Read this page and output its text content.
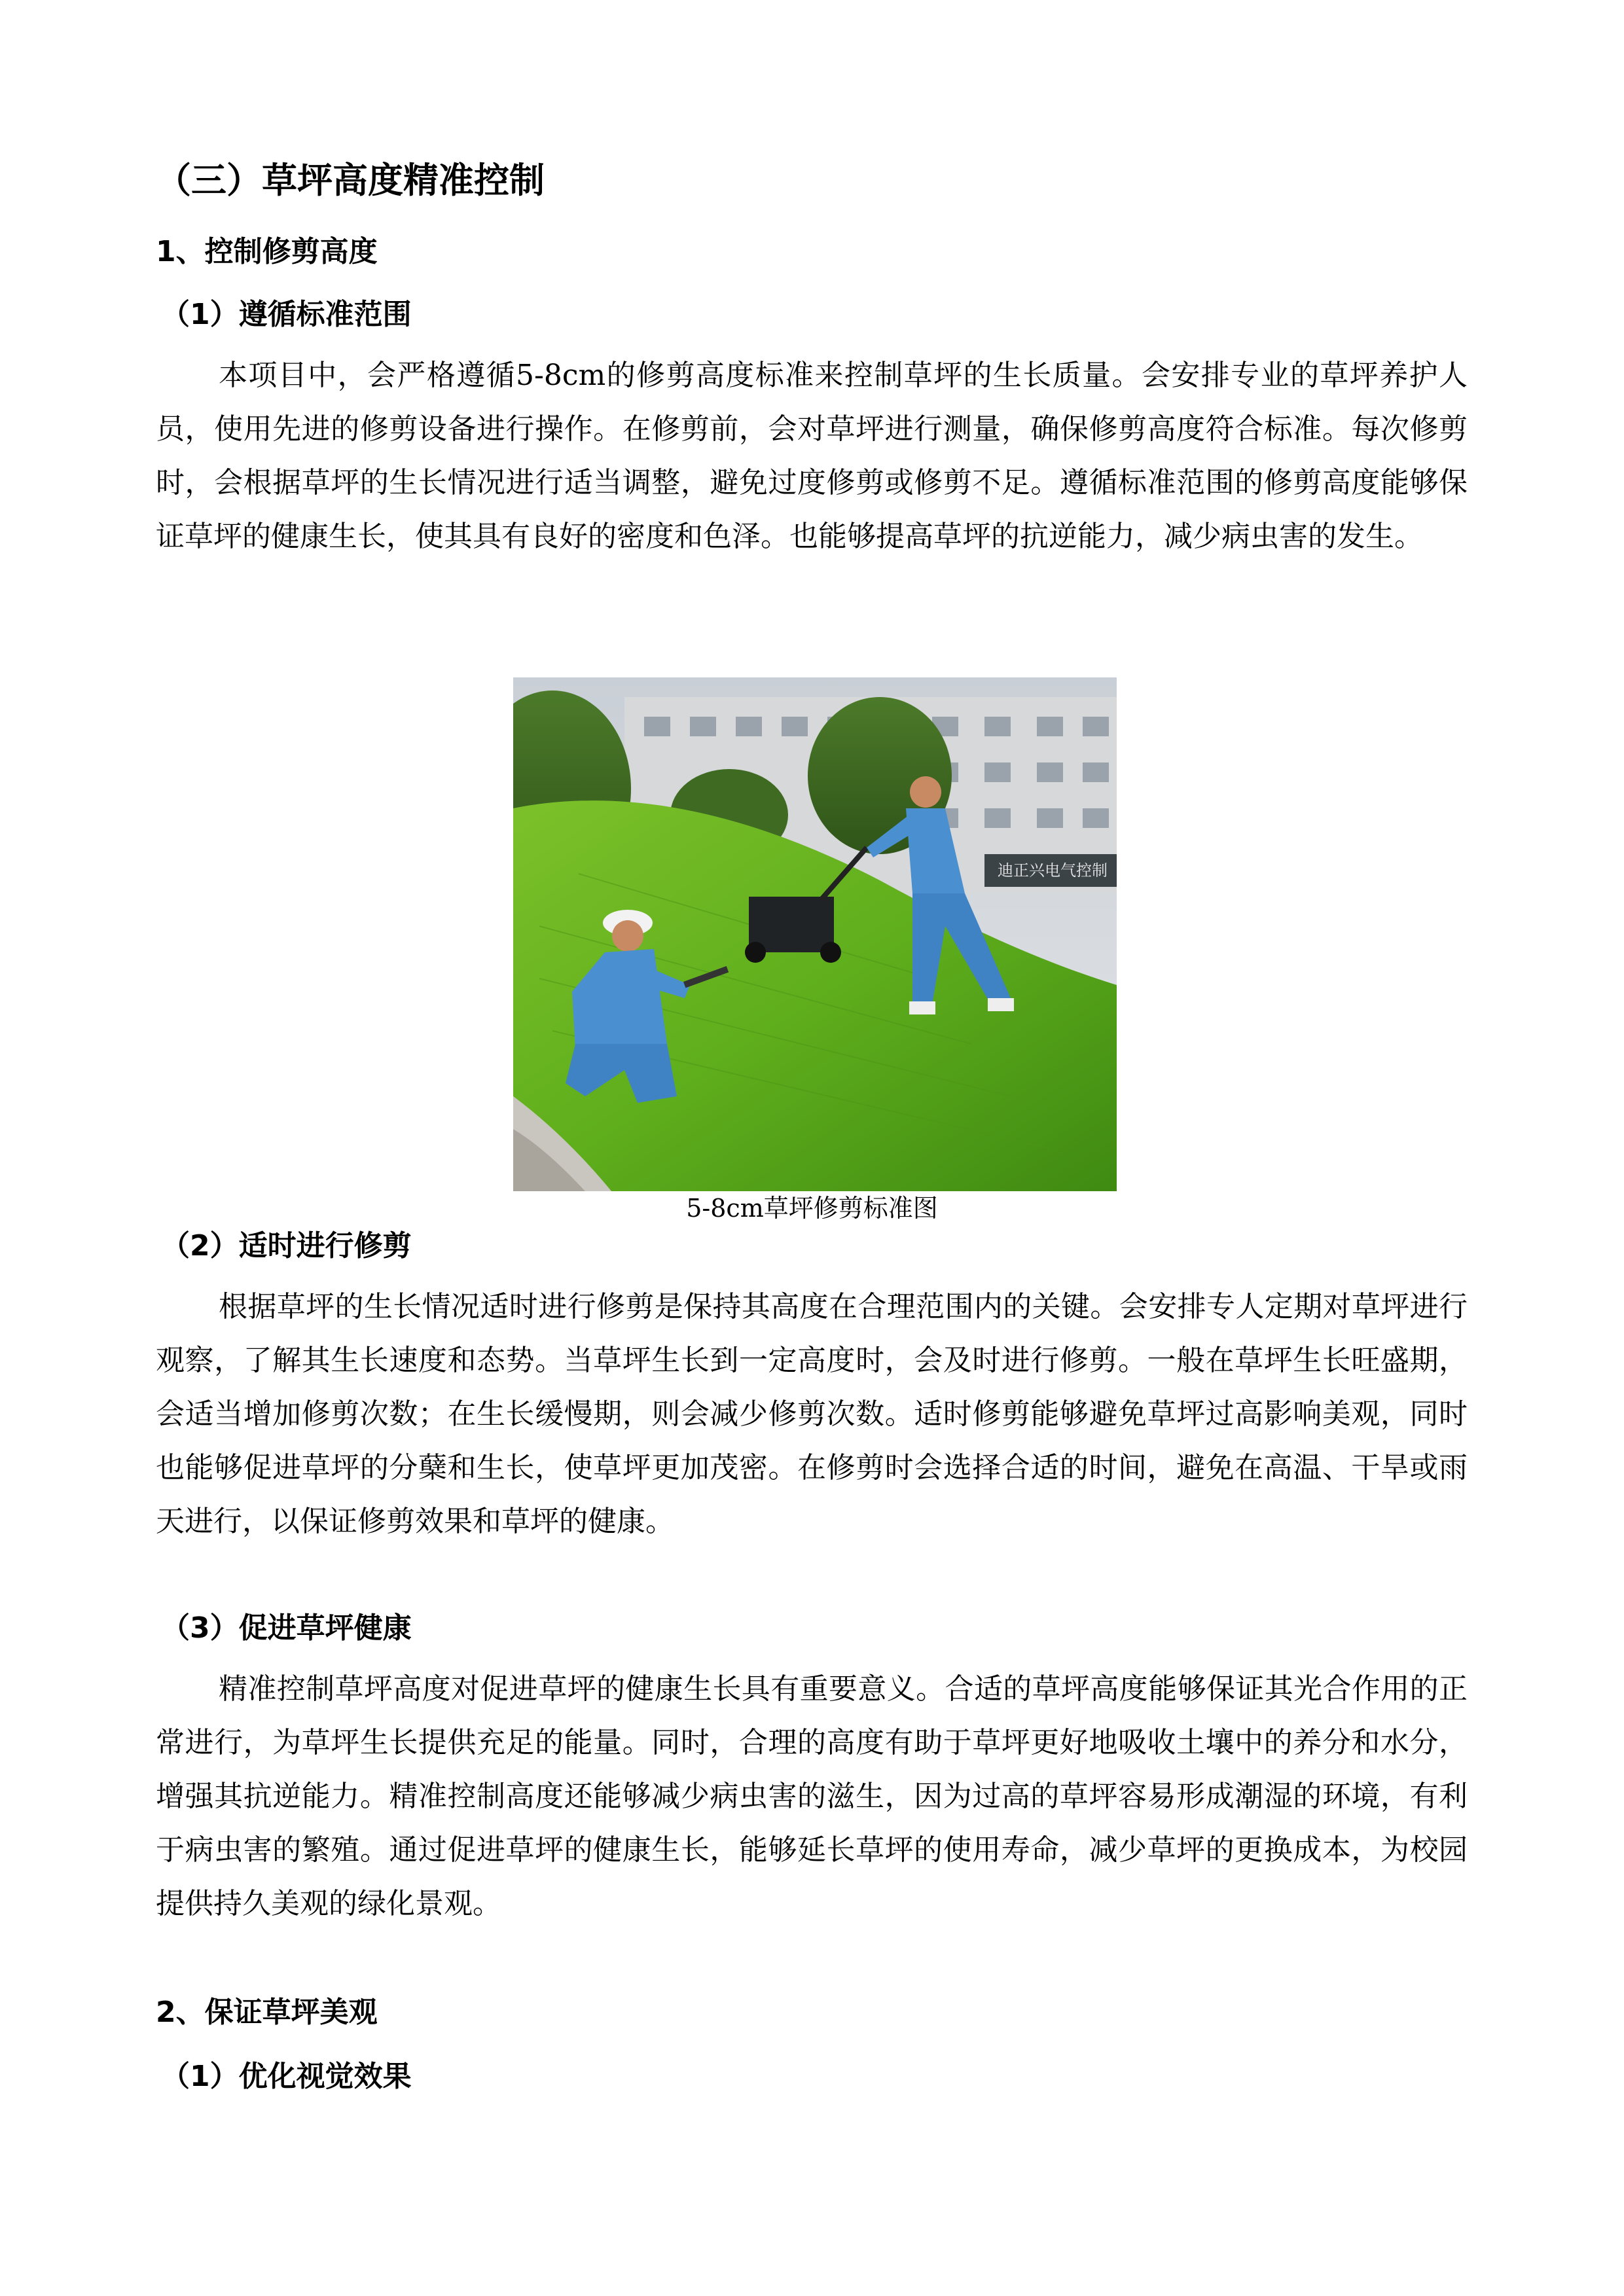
（三）草坪高度精准控制
1、控制修剪高度
（1）遵循标准范围

本项目中，会严格遵循5-8cm的修剪高度标准来控制草坪的生长质量。会安排专业的草坪养护人员，使用先进的修剪设备进行操作。在修剪前，会对草坪进行测量，确保修剪高度符合标准。每次修剪时，会根据草坪的生长情况进行适当调整，避免过度修剪或修剪不足。遵循标准范围的修剪高度能够保证草坪的健康生长，使其具有良好的密度和色泽。也能够提高草坪的抗逆能力，减少病虫害的发生。

迪正兴电气控制
5-8cm草坪修剪标准图
（2）适时进行修剪

根据草坪的生长情况适时进行修剪是保持其高度在合理范围内的关键。会安排专人定期对草坪进行观察，了解其生长速度和态势。当草坪生长到一定高度时，会及时进行修剪。一般在草坪生长旺盛期，会适当增加修剪次数；在生长缓慢期，则会减少修剪次数。适时修剪能够避免草坪过高影响美观，同时也能够促进草坪的分蘖和生长，使草坪更加茂密。在修剪时会选择合适的时间，避免在高温、干旱或雨天进行，以保证修剪效果和草坪的健康。

（3）促进草坪健康

精准控制草坪高度对促进草坪的健康生长具有重要意义。合适的草坪高度能够保证其光合作用的正常进行，为草坪生长提供充足的能量。同时，合理的高度有助于草坪更好地吸收土壤中的养分和水分，增强其抗逆能力。精准控制高度还能够减少病虫害的滋生，因为过高的草坪容易形成潮湿的环境，有利于病虫害的繁殖。通过促进草坪的健康生长，能够延长草坪的使用寿命，减少草坪的更换成本，为校园提供持久美观的绿化景观。

2、保证草坪美观
（1）优化视觉效果
